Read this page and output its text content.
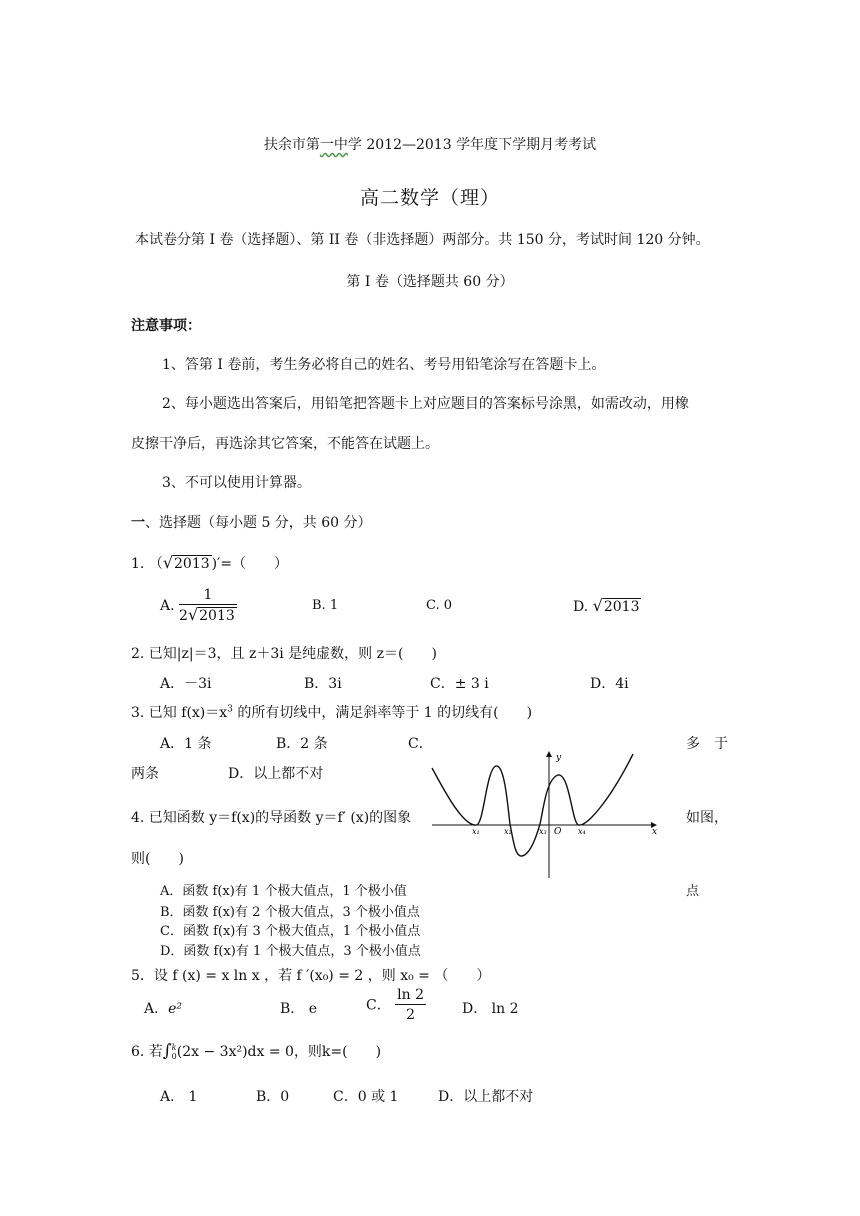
扶余市第一中学 2012—2013 学年度下学期月考考试
高二数学（理）
本试卷分第 I 卷（选择题）、第 II 卷（非选择题）两部分。共 150 分，考试时间 120 分钟。
第 I 卷（选择题共 60 分）
注意事项：
1、答第 I 卷前，考生务必将自己的姓名、考号用铅笔涂写在答题卡上。
2、每小题选出答案后，用铅笔把答题卡上对应题目的答案标号涂黑，如需改动，用橡
皮擦干净后，再选涂其它答案，不能答在试题上。
3、不可以使用计算器。
一、选择题（每小题 5 分，共 60 分）
1. （√2013 )′=（　　）
A. $\frac{1}{2√2013}$	B. 1	C. 0	D. √2013
2. 已知|z|＝3，且 z＋3i 是纯虚数，则 z＝(　　)
A．－3i	B．3i	C．± 3 i	D．4i
3. 已知 $f(x)=x^3$ 的所有切线中，满足斜率等于 1 的切线有(　　)
A．1 条	B．2 条	C．	多　于
两条	D．以上都不对
y
x
O
x₁	x₂	x₃	x₄
4. 已知函数 y＝f(x)的导函数 y＝f′ (x)的图象	如图，
则(　　)
A．函数 f(x)有 1 个极大值点，1 个极小值	点
B．函数 f(x)有 2 个极大值点，3 个极小值点
C．函数 f(x)有 3 个极大值点，1 个极小值点
D．函数 f(x)有 1 个极大值点，3 个极小值点
5．设 f (x) = x ln x ，若 f ′(x₀) = 2 ，则 x₀ = （　　）
A．e²	B． e	C． $\frac{\ln 2}{2}$	D． ln 2
6. 若∫ k
0 (2x − 3x²)dx = 0，则k=(　　)
A． 1	B．0	C．0 或 1	D．以上都不对
